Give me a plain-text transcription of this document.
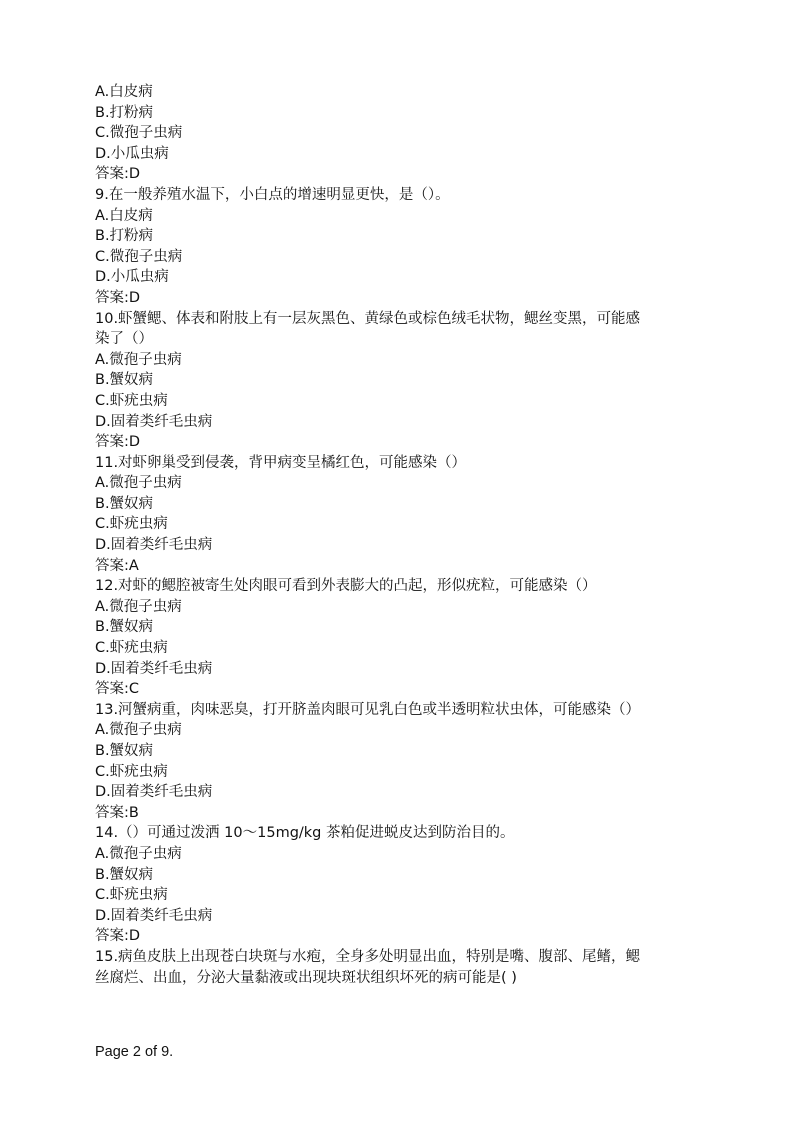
A.白皮病
B.打粉病
C.微孢子虫病
D.小瓜虫病
答案:D
9.在一般养殖水温下，小白点的增速明显更快，是（）。
A.白皮病
B.打粉病
C.微孢子虫病
D.小瓜虫病
答案:D
10.虾蟹鳃、体表和附肢上有一层灰黑色、黄绿色或棕色绒毛状物，鳃丝变黑，可能感
染了（）
A.微孢子虫病
B.蟹奴病
C.虾疣虫病
D.固着类纤毛虫病
答案:D
11.对虾卵巢受到侵袭，背甲病变呈橘红色，可能感染（）
A.微孢子虫病
B.蟹奴病
C.虾疣虫病
D.固着类纤毛虫病
答案:A
12.对虾的鳃腔被寄生处肉眼可看到外表膨大的凸起，形似疣粒，可能感染（）
A.微孢子虫病
B.蟹奴病
C.虾疣虫病
D.固着类纤毛虫病
答案:C
13.河蟹病重，肉味恶臭，打开脐盖肉眼可见乳白色或半透明粒状虫体，可能感染（）
A.微孢子虫病
B.蟹奴病
C.虾疣虫病
D.固着类纤毛虫病
答案:B
14.（）可通过泼洒 10～15mg/kg 茶粕促进蜕皮达到防治目的。
A.微孢子虫病
B.蟹奴病
C.虾疣虫病
D.固着类纤毛虫病
答案:D
15.病鱼皮肤上出现苍白块斑与水疱，全身多处明显出血，特别是嘴、腹部、尾鳍，鳃
丝腐烂、出血，分泌大量黏液或出现块斑状组织坏死的病可能是( )
Page 2 of 9.
